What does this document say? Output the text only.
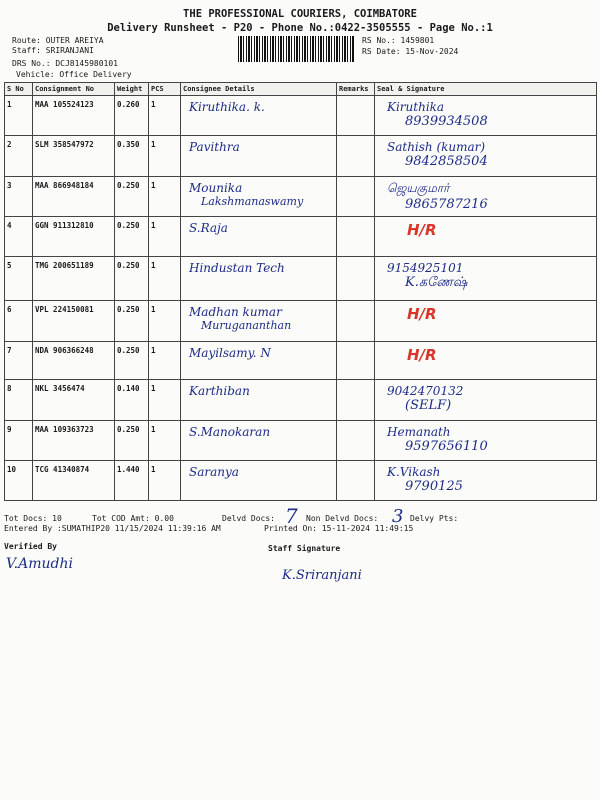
THE PROFESSIONAL COURIERS, COIMBATORE
Delivery Runsheet - P20 - Phone No.:0422-3505555 - Page No.:1
Route: OUTER AREIYA
Staff: SRIRANJANI
DRS No.: DCJ8145980101
Vehicle: Office Delivery
RS No.: 1459801
RS Date: 15-Nov-2024
S No	Consignment No	Weight	PCS	Consignee Details	Remarks	Seal & Signature
1	MAA 105524123	0.260	1	Kiruthika. k.		Kiruthika
8939934508

2	SLM 358547972	0.350	1	Pavithra		Sathish (kumar)
9842858504

3	MAA 866948184	0.250	1	Mounika
Lakshmanaswamy		ஜெயகுமார்
9865787216

4	GGN 911312810	0.250	1	S.Raja		H/R

5	TMG 200651189	0.250	1	Hindustan Tech		9154925101
K.கணேஷ்

6	VPL 224150081	0.250	1	Madhan kumar
Murugananthan		H/R

7	NDA 906366248	0.250	1	Mayilsamy. N		H/R

8	NKL 3456474	0.140	1	Karthiban		9042470132
(SELF)

9	MAA 109363723	0.250	1	S.Manokaran		Hemanath
9597656110

10	TCG 41340874	1.440	1	Saranya		K.Vikash
9790125
Tot Docs: 10	Tot COD Amt: 0.00	Delvd Docs: 7 Non Delvd Docs: 3 Delvy Pts:
Entered By :SUMATHIP20 11/15/2024 11:39:16 AM	Printed On: 15-11-2024 11:49:15
Verified By
V.Amudhi
Staff Signature
K.Sriranjani
